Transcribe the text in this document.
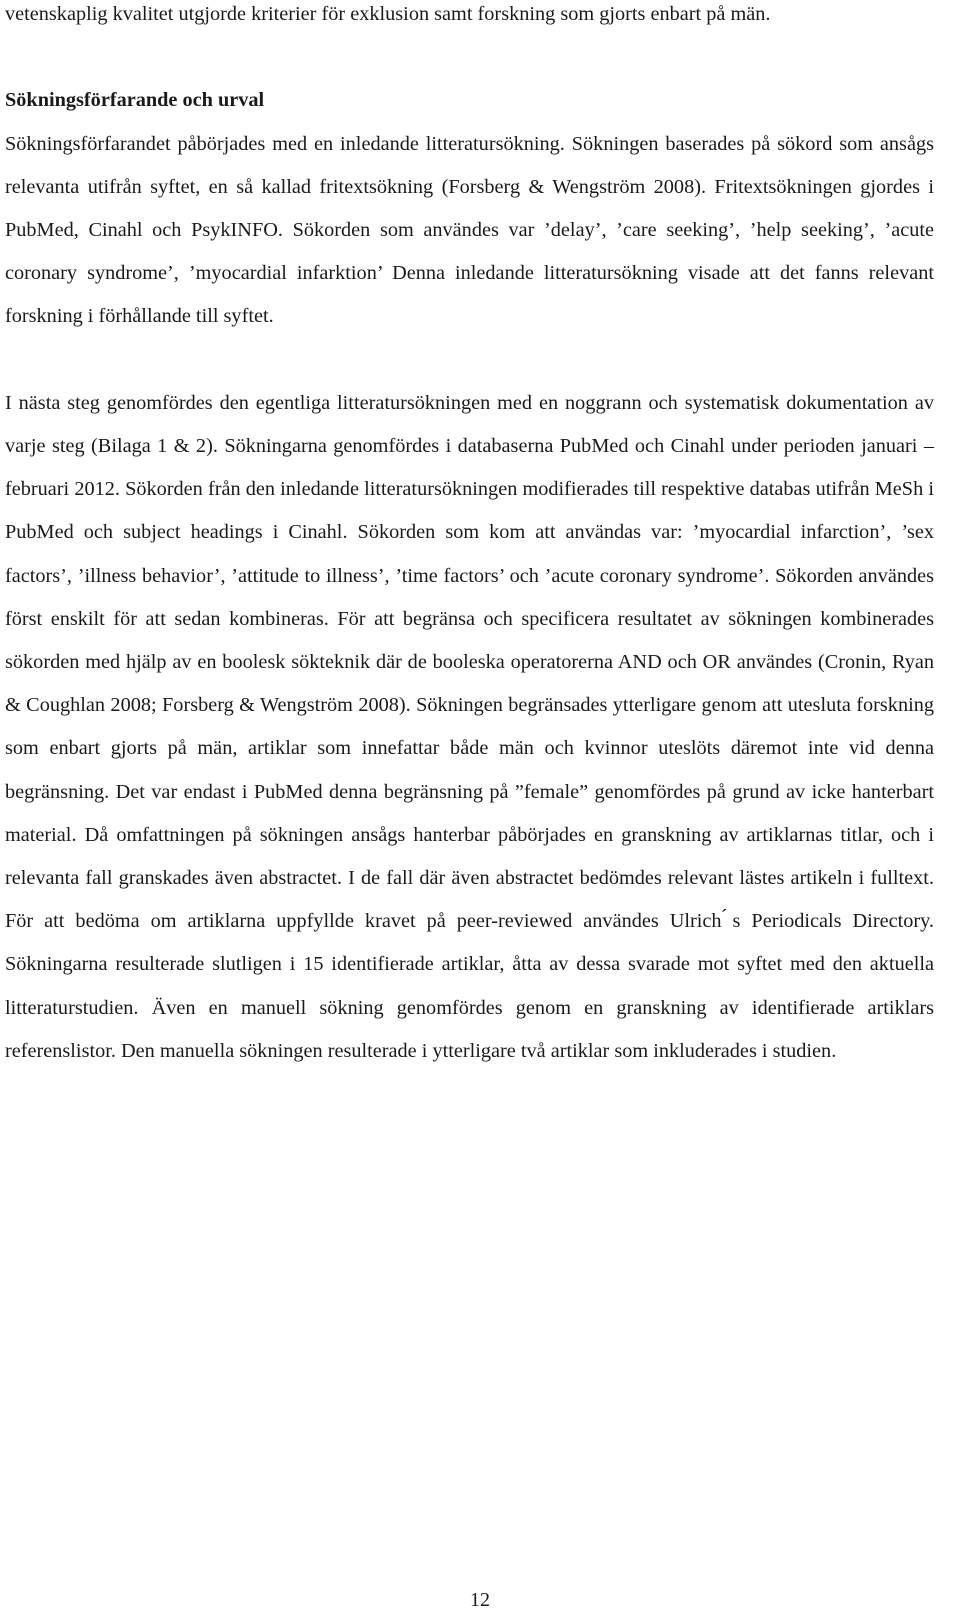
vetenskaplig kvalitet utgjorde kriterier för exklusion samt forskning som gjorts enbart på män.

Sökningsförfarande och urval

Sökningsförfarandet påbörjades med en inledande litteratursökning. Sökningen baserades på sökord som ansågs relevanta utifrån syftet, en så kallad fritextsökning (Forsberg & Wengström 2008). Fritextsökningen gjordes i PubMed, Cinahl och PsykINFO. Sökorden som användes var ’delay’, ’care seeking’, ’help seeking’, ’acute coronary syndrome’, ’myocardial infarktion’ Denna inledande litteratursökning visade att det fanns relevant forskning i förhållande till syftet.

I nästa steg genomfördes den egentliga litteratursökningen med en noggrann och systematisk dokumentation av varje steg (Bilaga 1 & 2). Sökningarna genomfördes i databaserna PubMed och Cinahl under perioden januari – februari 2012. Sökorden från den inledande litteratursökningen modifierades till respektive databas utifrån MeSh i PubMed och subject headings i Cinahl. Sökorden som kom att användas var: ’myocardial infarction’, ’sex factors’, ’illness behavior’, ’attitude to illness’, ’time factors’ och ’acute coronary syndrome’. Sökorden användes först enskilt för att sedan kombineras. För att begränsa och specificera resultatet av sökningen kombinerades sökorden med hjälp av en boolesk sökteknik där de booleska operatorerna AND och OR användes (Cronin, Ryan & Coughlan 2008; Forsberg & Wengström 2008). Sökningen begränsades ytterligare genom att utesluta forskning som enbart gjorts på män, artiklar som innefattar både män och kvinnor uteslöts däremot inte vid denna begränsning. Det var endast i PubMed denna begränsning på ”female” genomfördes på grund av icke hanterbart material. Då omfattningen på sökningen ansågs hanterbar påbörjades en granskning av artiklarnas titlar, och i relevanta fall granskades även abstractet. I de fall där även abstractet bedömdes relevant lästes artikeln i fulltext. För att bedöma om artiklarna uppfyllde kravet på peer-reviewed användes Ulrich ́s Periodicals Directory. Sökningarna resulterade slutligen i 15 identifierade artiklar, åtta av dessa svarade mot syftet med den aktuella litteraturstudien. Även en manuell sökning genomfördes genom en granskning av identifierade artiklars referenslistor. Den manuella sökningen resulterade i ytterligare två artiklar som inkluderades i studien.

12
